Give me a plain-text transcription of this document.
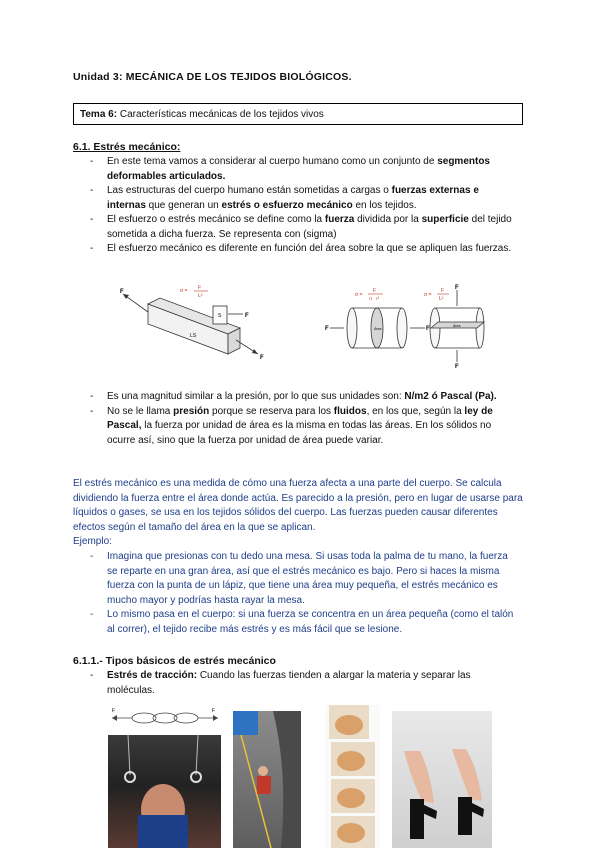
Unidad 3: MECÁNICA DE LOS TEJIDOS BIOLÓGICOS.
Tema 6: Características mecánicas de los tejidos vivos
6.1. Estrés mecánico:
- En este tema vamos a considerar al cuerpo humano como un conjunto de segmentos deformables articulados.
- Las estructuras del cuerpo humano están sometidas a cargas o fuerzas externas e internas que generan un estrés o esfuerzo mecánico en los tejidos.
- El esfuerzo o estrés mecánico se define como la fuerza dividida por la superficie del tejido sometida a dicha fuerza. Se representa con (sigma)
- El esfuerzo mecánico es diferente en función del área sobre la que se apliquen las fuerzas.
F
F
F
S
LS
σ = F
L²	σ =
F
π · r²
F	F
Área
σ =
F
L²
F
F
Área
- Es una magnitud similar a la presión, por lo que sus unidades son: N/m2 ó Pascal (Pa).
- No se le llama presión porque se reserva para los fluidos, en los que, según la ley de Pascal, la fuerza por unidad de área es la misma en todas las áreas. En los sólidos no ocurre así, sino que la fuerza por unidad de área puede variar.

El estrés mecánico es una medida de cómo una fuerza afecta a una parte del cuerpo. Se calcula dividiendo la fuerza entre el área donde actúa. Es parecido a la presión, pero en lugar de usarse para líquidos o gases, se usa en los tejidos sólidos del cuerpo. Las fuerzas pueden causar diferentes efectos según el tamaño del área en la que se aplican.

Ejemplo:

- Imagina que presionas con tu dedo una mesa. Si usas toda la palma de tu mano, la fuerza se reparte en una gran área, así que el estrés mecánico es bajo. Pero si haces la misma fuerza con la punta de un lápiz, que tiene una área muy pequeña, el estrés mecánico es mucho mayor y podrías hasta rayar la mesa.
- Lo mismo pasa en el cuerpo: si una fuerza se concentra en un área pequeña (como el talón al correr), el tejido recibe más estrés y es más fácil que se lesione.
6.1.1.- Tipos básicos de estrés mecánico
- Estrés de tracción: Cuando las fuerzas tienden a alargar la materia y separar las moléculas.
F	F
